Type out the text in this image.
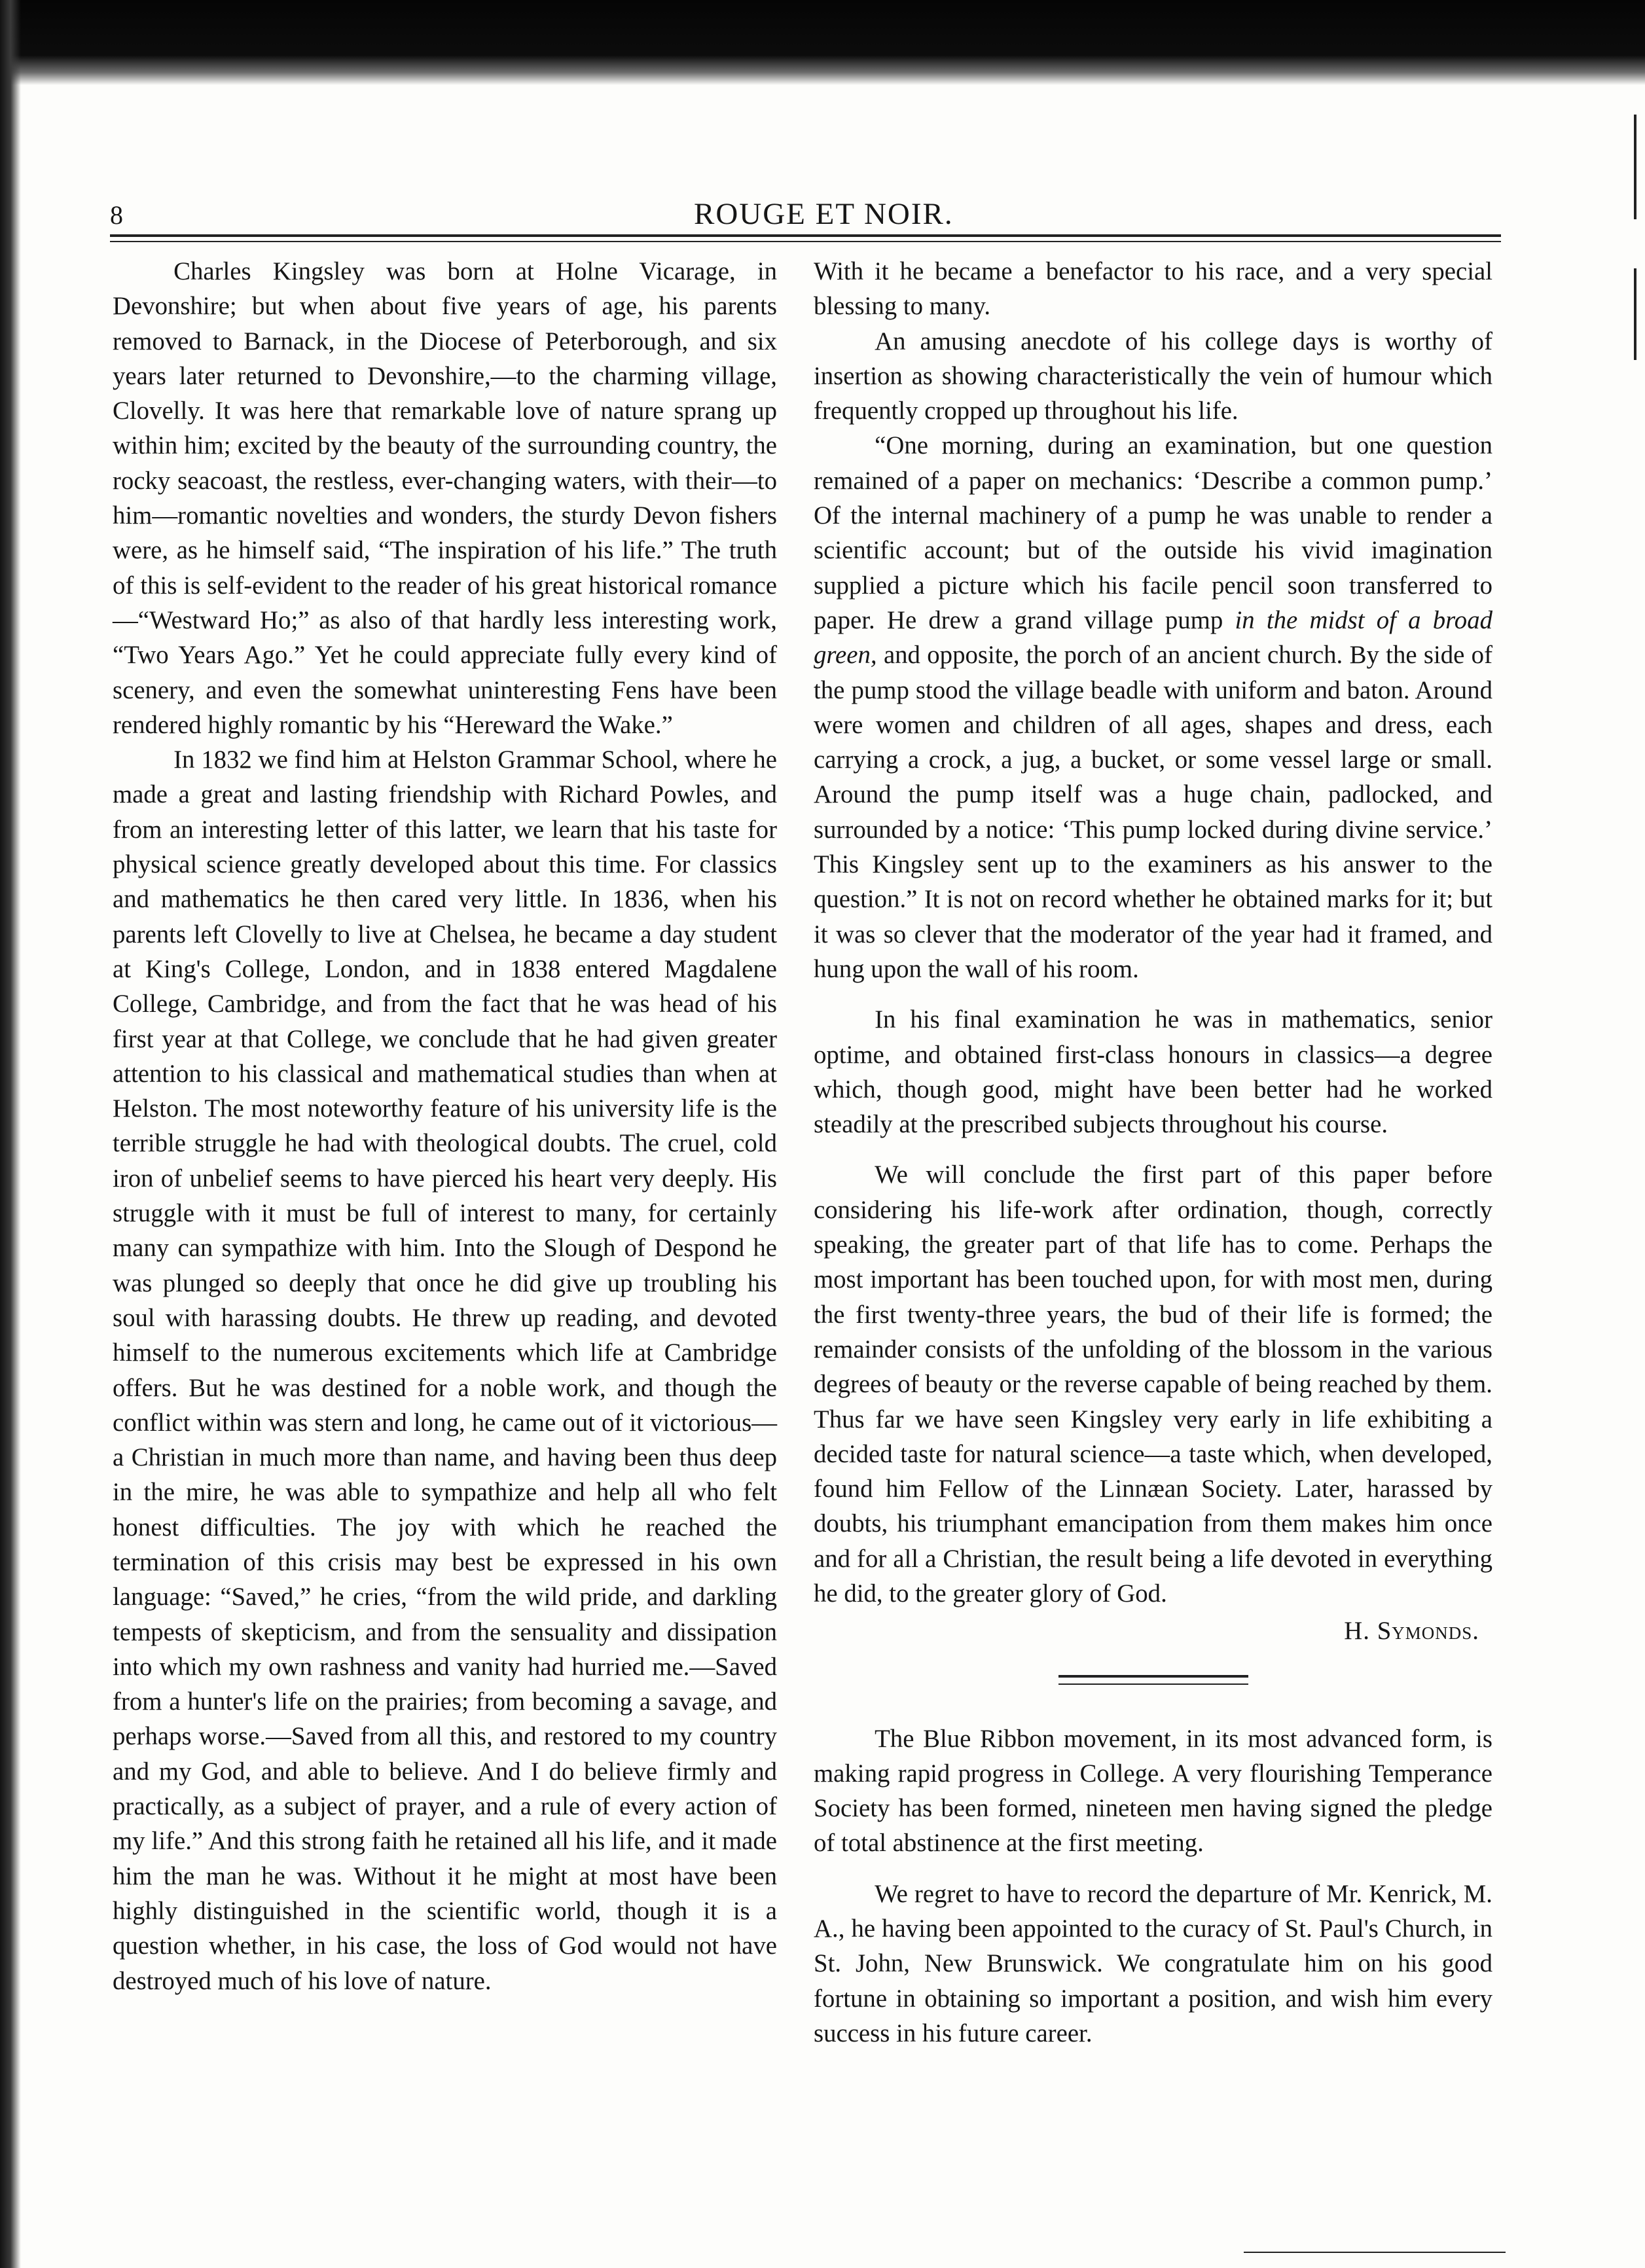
8	ROUGE ET NOIR.

Charles Kingsley was born at Holne Vicarage, in Devonshire; but when about five years of age, his parents removed to Barnack, in the Diocese of Peterborough, and six years later returned to Devonshire,—to the charming village, Clovelly. It was here that remarkable love of nature sprang up within him; excited by the beauty of the surrounding country, the rocky seacoast, the restless, ever-changing waters, with their—to him—romantic novelties and wonders, the sturdy Devon fishers were, as he himself said, “The inspiration of his life.” The truth of this is self-evident to the reader of his great historical romance—“Westward Ho;” as also of that hardly less interesting work, “Two Years Ago.” Yet he could appreciate fully every kind of scenery, and even the somewhat uninteresting Fens have been rendered highly romantic by his “Hereward the Wake.”

In 1832 we find him at Helston Grammar School, where he made a great and lasting friendship with Richard Powles, and from an interesting letter of this latter, we learn that his taste for physical science greatly developed about this time. For classics and mathematics he then cared very little. In 1836, when his parents left Clovelly to live at Chelsea, he became a day student at King's College, London, and in 1838 entered Magdalene College, Cambridge, and from the fact that he was head of his first year at that College, we conclude that he had given greater attention to his classical and mathematical studies than when at Helston. The most noteworthy feature of his university life is the terrible struggle he had with theological doubts. The cruel, cold iron of unbelief seems to have pierced his heart very deeply. His struggle with it must be full of interest to many, for certainly many can sympathize with him. Into the Slough of Despond he was plunged so deeply that once he did give up troubling his soul with harassing doubts. He threw up reading, and devoted himself to the numerous excitements which life at Cambridge offers. But he was destined for a noble work, and though the conflict within was stern and long, he came out of it victorious—a Christian in much more than name, and having been thus deep in the mire, he was able to sympathize and help all who felt honest difficulties. The joy with which he reached the termination of this crisis may best be expressed in his own language: “Saved,” he cries, “from the wild pride, and darkling tempests of skepticism, and from the sensuality and dissipation into which my own rashness and vanity had hurried me.—Saved from a hunter's life on the prairies; from becoming a savage, and perhaps worse.—Saved from all this, and restored to my country and my God, and able to believe. And I do believe firmly and practically, as a subject of prayer, and a rule of every action of my life.” And this strong faith he retained all his life, and it made him the man he was. Without it he might at most have been highly distinguished in the scientific world, though it is a question whether, in his case, the loss of God would not have destroyed much of his love of nature.

With it he became a benefactor to his race, and a very special blessing to many.

An amusing anecdote of his college days is worthy of insertion as showing characteristically the vein of humour which frequently cropped up throughout his life.

“One morning, during an examination, but one question remained of a paper on mechanics: ‘Describe a common pump.’ Of the internal machinery of a pump he was unable to render a scientific account; but of the outside his vivid imagination supplied a picture which his facile pencil soon transferred to paper. He drew a grand village pump in the midst of a broad green, and opposite, the porch of an ancient church. By the side of the pump stood the village beadle with uniform and baton. Around were women and children of all ages, shapes and dress, each carrying a crock, a jug, a bucket, or some vessel large or small. Around the pump itself was a huge chain, padlocked, and surrounded by a notice: ‘This pump locked during divine service.’ This Kingsley sent up to the examiners as his answer to the question.” It is not on record whether he obtained marks for it; but it was so clever that the moderator of the year had it framed, and hung upon the wall of his room.

In his final examination he was in mathematics, senior optime, and obtained first-class honours in classics—a degree which, though good, might have been better had he worked steadily at the prescribed subjects throughout his course.

We will conclude the first part of this paper before considering his life-work after ordination, though, correctly speaking, the greater part of that life has to come. Perhaps the most important has been touched upon, for with most men, during the first twenty-three years, the bud of their life is formed; the remainder consists of the unfolding of the blossom in the various degrees of beauty or the reverse capable of being reached by them. Thus far we have seen Kingsley very early in life exhibiting a decided taste for natural science—a taste which, when developed, found him Fellow of the Linnæan Society. Later, harassed by doubts, his triumphant emancipation from them makes him once and for all a Christian, the result being a life devoted in everything he did, to the greater glory of God.

H. Symonds.

The Blue Ribbon movement, in its most advanced form, is making rapid progress in College. A very flourishing Temperance Society has been formed, nineteen men having signed the pledge of total abstinence at the first meeting.

We regret to have to record the departure of Mr. Kenrick, M. A., he having been appointed to the curacy of St. Paul's Church, in St. John, New Brunswick. We congratulate him on his good fortune in obtaining so important a position, and wish him every success in his future career.
